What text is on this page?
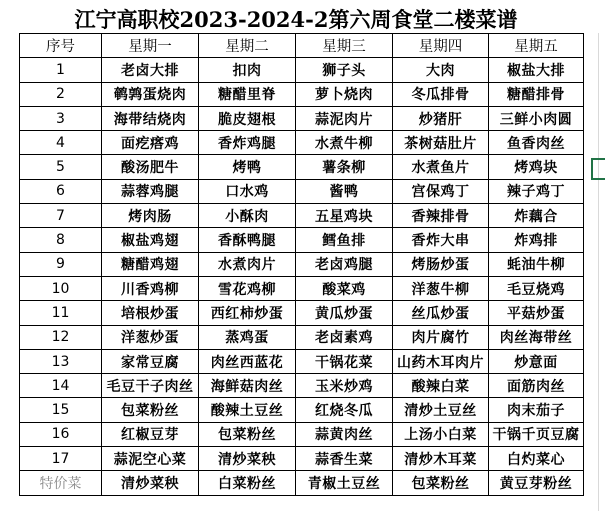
江宁高职校2023-2024-2第六周食堂二楼菜谱
序号	星期一	星期二	星期三	星期四	星期五
1	老卤大排	扣肉	狮子头	大肉	椒盐大排
2	鹌鹑蛋烧肉	糖醋里脊	萝卜烧肉	冬瓜排骨	糖醋排骨
3	海带结烧肉	脆皮翅根	蒜泥肉片	炒猪肝	三鲜小肉圆
4	面疙瘩鸡	香炸鸡腿	水煮牛柳	茶树菇肚片	鱼香肉丝
5	酸汤肥牛	烤鸭	薯条柳	水煮鱼片	烤鸡块
6	蒜蓉鸡腿	口水鸡	酱鸭	宫保鸡丁	辣子鸡丁
7	烤肉肠	小酥肉	五星鸡块	香辣排骨	炸藕合
8	椒盐鸡翅	香酥鸭腿	鳕鱼排	香炸大串	炸鸡排
9	糖醋鸡翅	水煮肉片	老卤鸡腿	烤肠炒蛋	蚝油牛柳
10	川香鸡柳	雪花鸡柳	酸菜鸡	洋葱牛柳	毛豆烧鸡
11	培根炒蛋	西红柿炒蛋	黄瓜炒蛋	丝瓜炒蛋	平菇炒蛋
12	洋葱炒蛋	蒸鸡蛋	老卤素鸡	肉片腐竹	肉丝海带丝
13	家常豆腐	肉丝西蓝花	干锅花菜	山药木耳肉片	炒意面
14	毛豆干子肉丝	海鲜菇肉丝	玉米炒鸡	酸辣白菜	面筋肉丝
15	包菜粉丝	酸辣土豆丝	红烧冬瓜	清炒土豆丝	肉末茄子
16	红椒豆芽	包菜粉丝	蒜黄肉丝	上汤小白菜	干锅千页豆腐
17	蒜泥空心菜	清炒菜秧	蒜香生菜	清炒木耳菜	白灼菜心
特价菜	清炒菜秧	白菜粉丝	青椒土豆丝	包菜粉丝	黄豆芽粉丝
